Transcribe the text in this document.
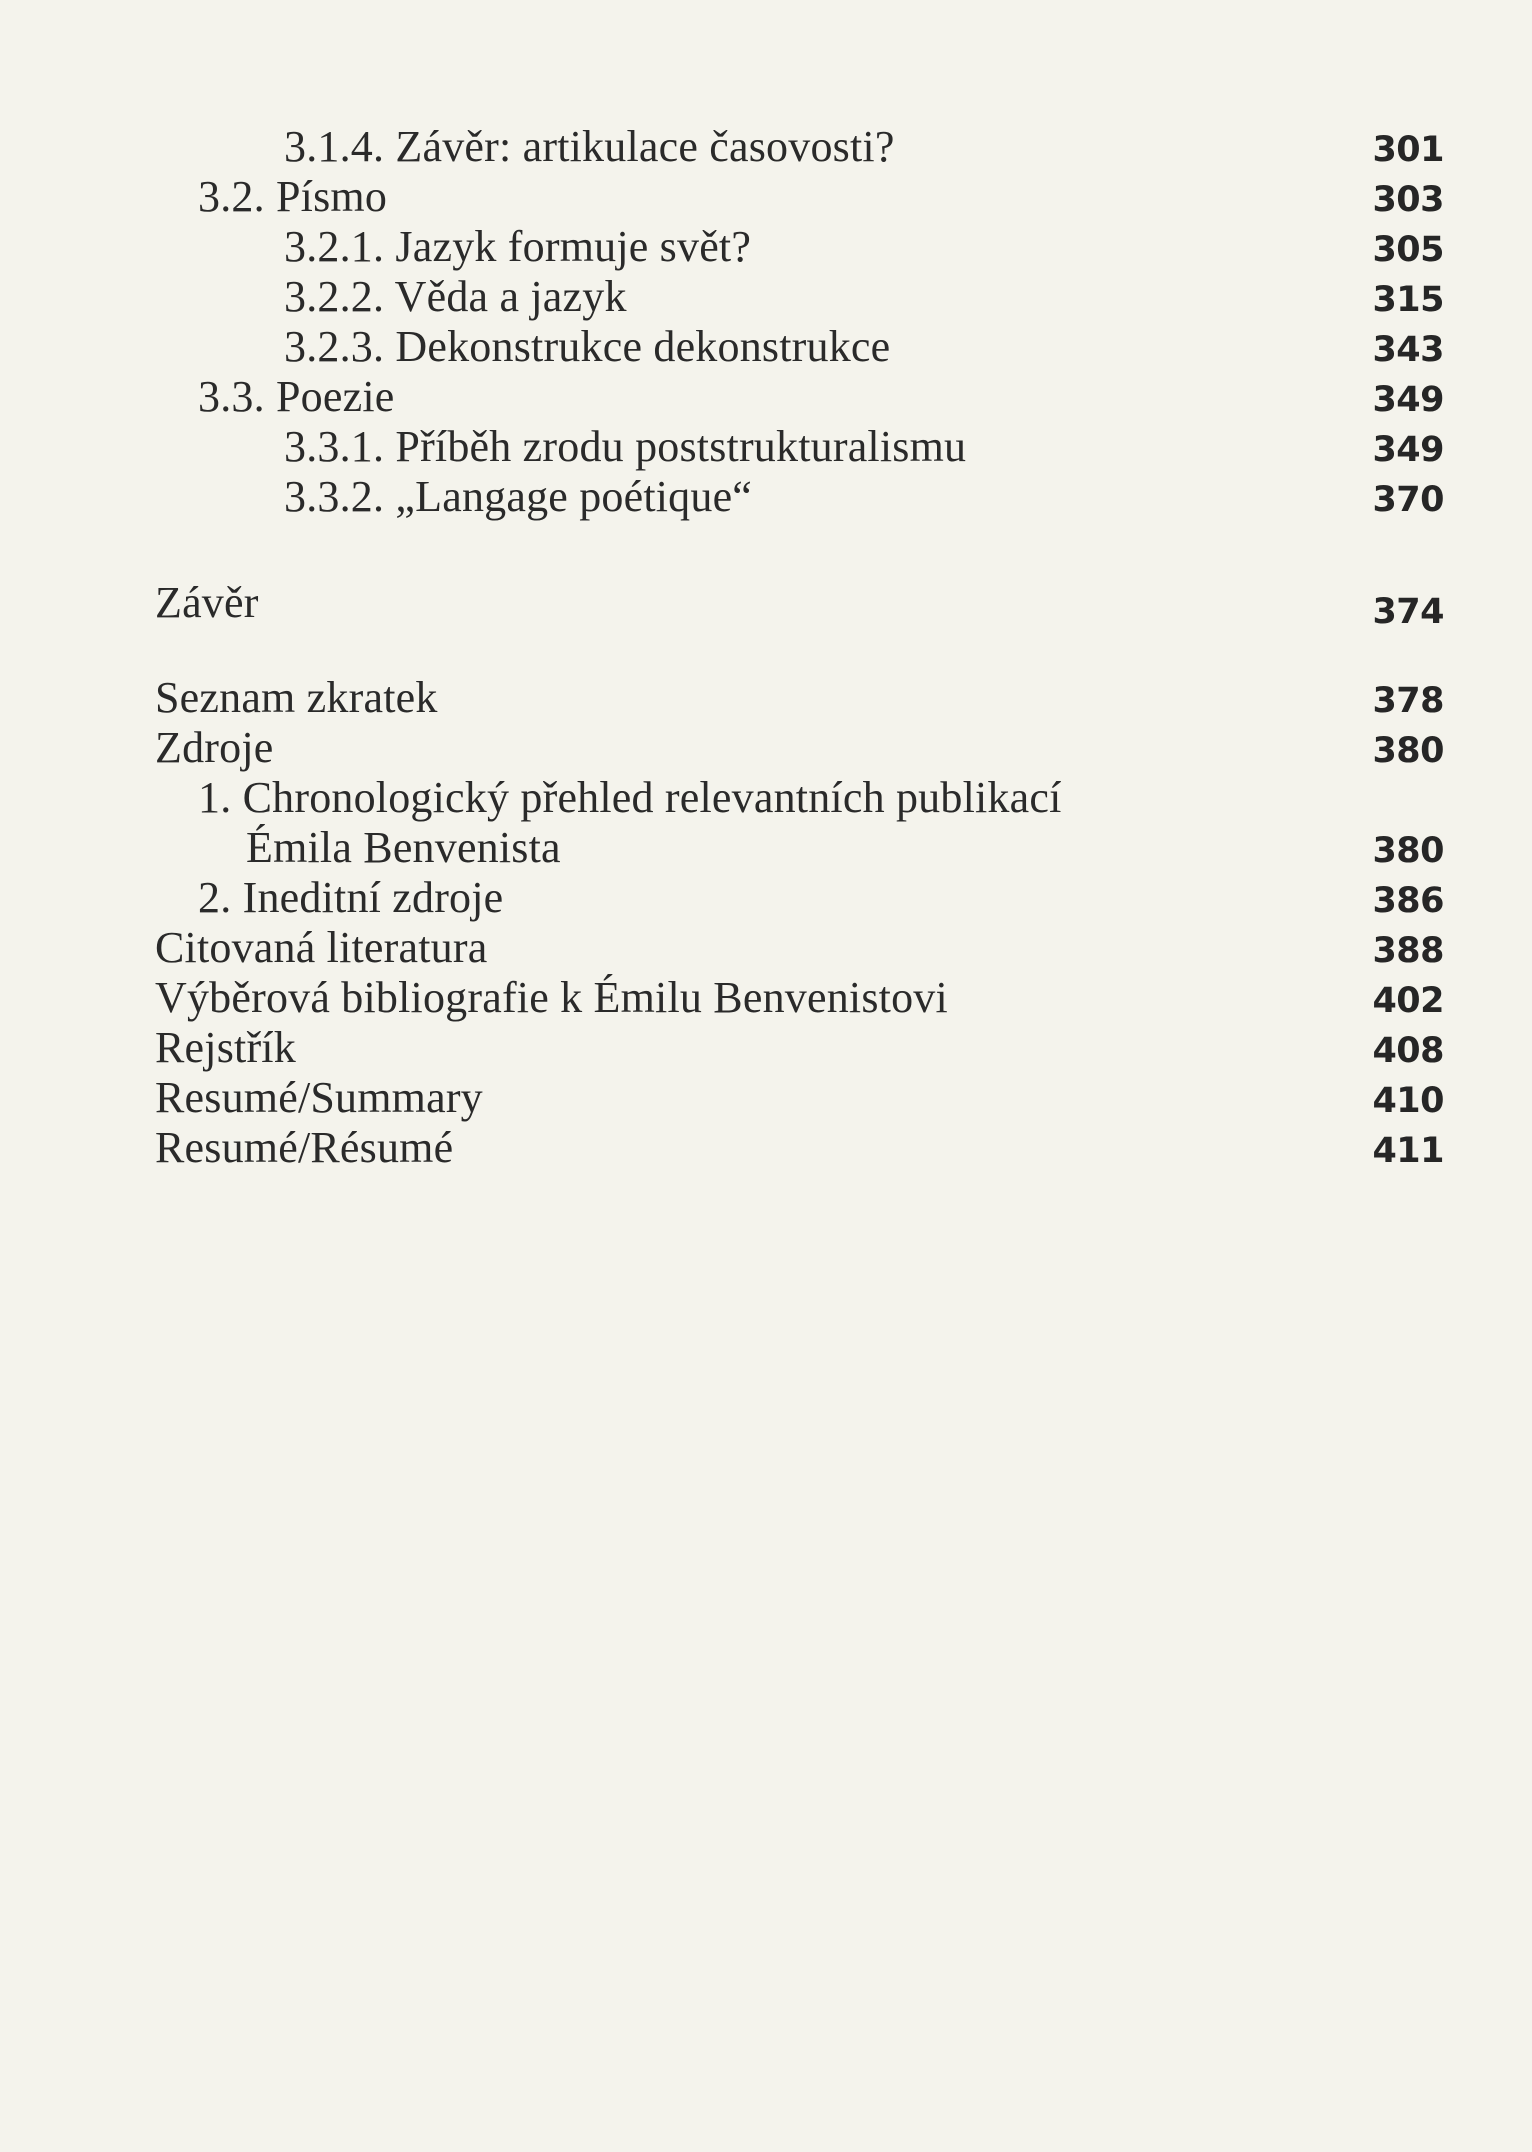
3.1.4. Závěr: artikulace časovosti?	301
3.2. Písmo	303
3.2.1. Jazyk formuje svět?	305
3.2.2. Věda a jazyk	315
3.2.3. Dekonstrukce dekonstrukce	343
3.3. Poezie	349
3.3.1. Příběh zrodu poststrukturalismu	349
3.3.2. „Langage poétique“	370
Závěr	374
Seznam zkratek	378
Zdroje	380
1. Chronologický přehled relevantních publikací
Émila Benvenista	380
2. Ineditní zdroje	386
Citovaná literatura	388
Výběrová bibliografie k Émilu Benvenistovi	402
Rejstřík	408
Resumé/Summary	410
Resumé/Résumé	411
